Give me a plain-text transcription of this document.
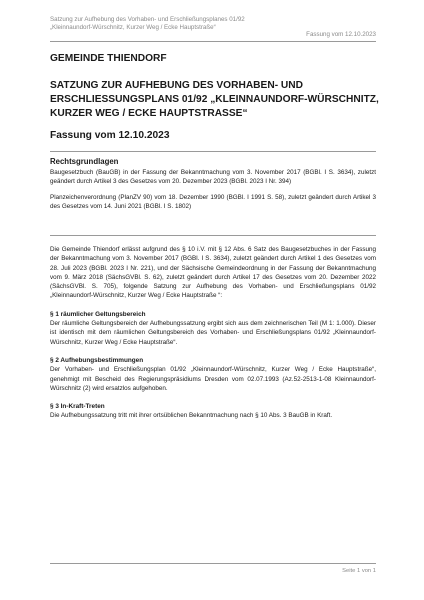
Satzung zur Aufhebung des Vorhaben- und Erschließungsplanes 01/92
„Kleinnaundorf-Würschnitz, Kurzer Weg / Ecke Hauptstraße“
Fassung vom 12.10.2023
GEMEINDE THIENDORF
SATZUNG ZUR AUFHEBUNG DES VORHABEN- UND ERSCHLIESSUNGSPLANS 01/92 „KLEINNAUNDORF-WÜRSCHNITZ, KURZER WEG / ECKE HAUPTSTRASSE“
Fassung vom 12.10.2023
Rechtsgrundlagen

Baugesetzbuch (BauGB) in der Fassung der Bekanntmachung vom 3. November 2017 (BGBl. I S. 3634), zuletzt geändert durch Artikel 3 des Gesetzes vom 20. Dezember 2023 (BGBl. 2023 I Nr. 394)

Planzeichenverordnung (PlanZV 90) vom 18. Dezember 1990 (BGBl. I 1991 S. 58), zuletzt geändert durch Artikel 3 des Gesetzes vom 14. Juni 2021 (BGBl. I S. 1802)

Die Gemeinde Thiendorf erlässt aufgrund des § 10 i.V. mit § 12 Abs. 6 Satz des Baugesetzbuches in der Fassung der Bekanntmachung vom 3. November 2017 (BGBl. I S. 3634), zuletzt geändert durch Artikel 1 des Gesetzes vom 28. Juli 2023 (BGBl. 2023 I Nr. 221), und der Sächsische Gemeindeordnung in der Fassung der Bekanntmachung vom 9. März 2018 (SächsGVBl. S. 62), zuletzt geändert durch Artikel 17 des Gesetzes vom 20. Dezember 2022 (SächsGVBl. S. 705), folgende Satzung zur Aufhebung des Vorhaben- und Erschließungsplans 01/92 „Kleinnaundorf-Würschnitz, Kurzer Weg / Ecke Hauptstraße “:

§ 1 räumlicher Geltungsbereich

Der räumliche Geltungsbereich der Aufhebungssatzung ergibt sich aus dem zeichnerischen Teil (M 1: 1.000). Dieser ist identisch mit dem räumlichen Geltungsbereich des Vorhaben- und Erschließungsplans 01/92 „Kleinnaundorf-Würschnitz, Kurzer Weg / Ecke Hauptstraße“.

§ 2 Aufhebungsbestimmungen

Der Vorhaben- und Erschließungsplan 01/92 „Kleinnaundorf-Würschnitz, Kurzer Weg / Ecke Hauptstraße“, genehmigt mit Bescheid des Regierungspräsidiums Dresden vom 02.07.1993 (Az.52-2513-1-08 Kleinnaundorf-Würschnitz (2) wird ersatzlos aufgehoben.

§ 3 In-Kraft-Treten

Die Aufhebungssatzung tritt mit ihrer ortsüblichen Bekanntmachung nach § 10 Abs. 3 BauGB in Kraft.

Seite 1 von 1
